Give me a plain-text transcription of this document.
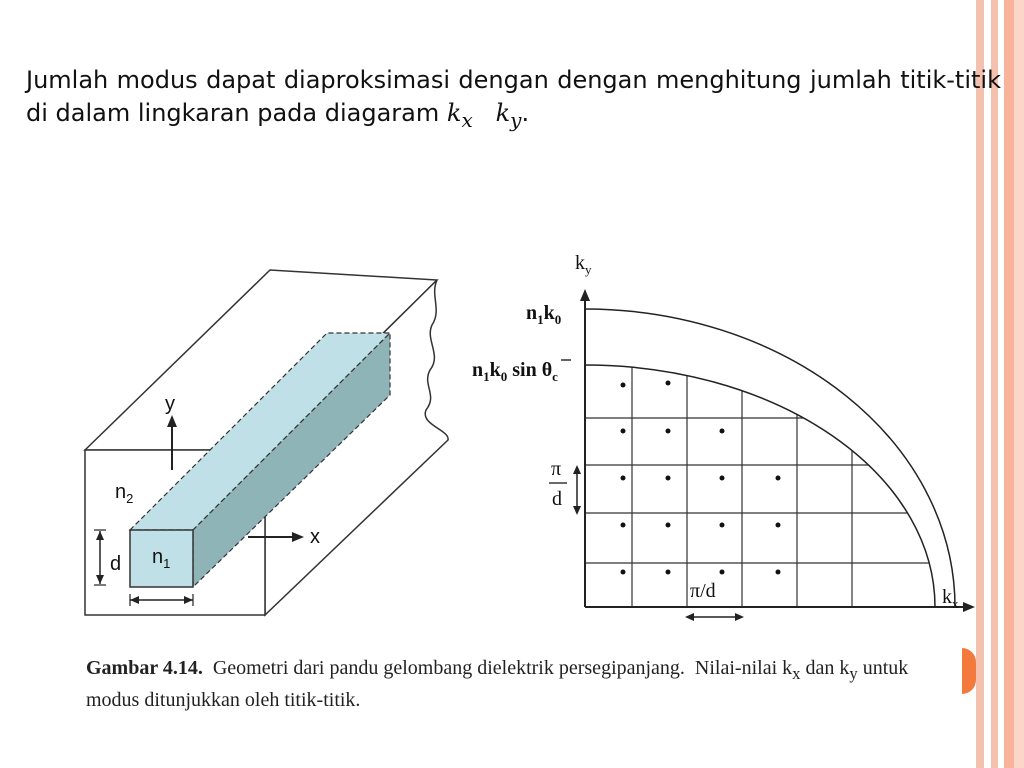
Jumlah modus dapat diaproksimasi dengan dengan menghitung jumlah titik-titik di dalam lingkaran pada diagaram $k_x$ $k_y$.
y
x
$n_2$
$n_1$
d
$k_y$
$k_x$
$n_1k_0$
$n_1k_0$ $\sin \theta_c$
π
d
π/d
Gambar 4.14. Geometri dari pandu gelombang dielektrik persegipanjang.  Nilai-nilai $k_x$ dan $k_y$ untuk modus ditunjukkan oleh titik-titik.
